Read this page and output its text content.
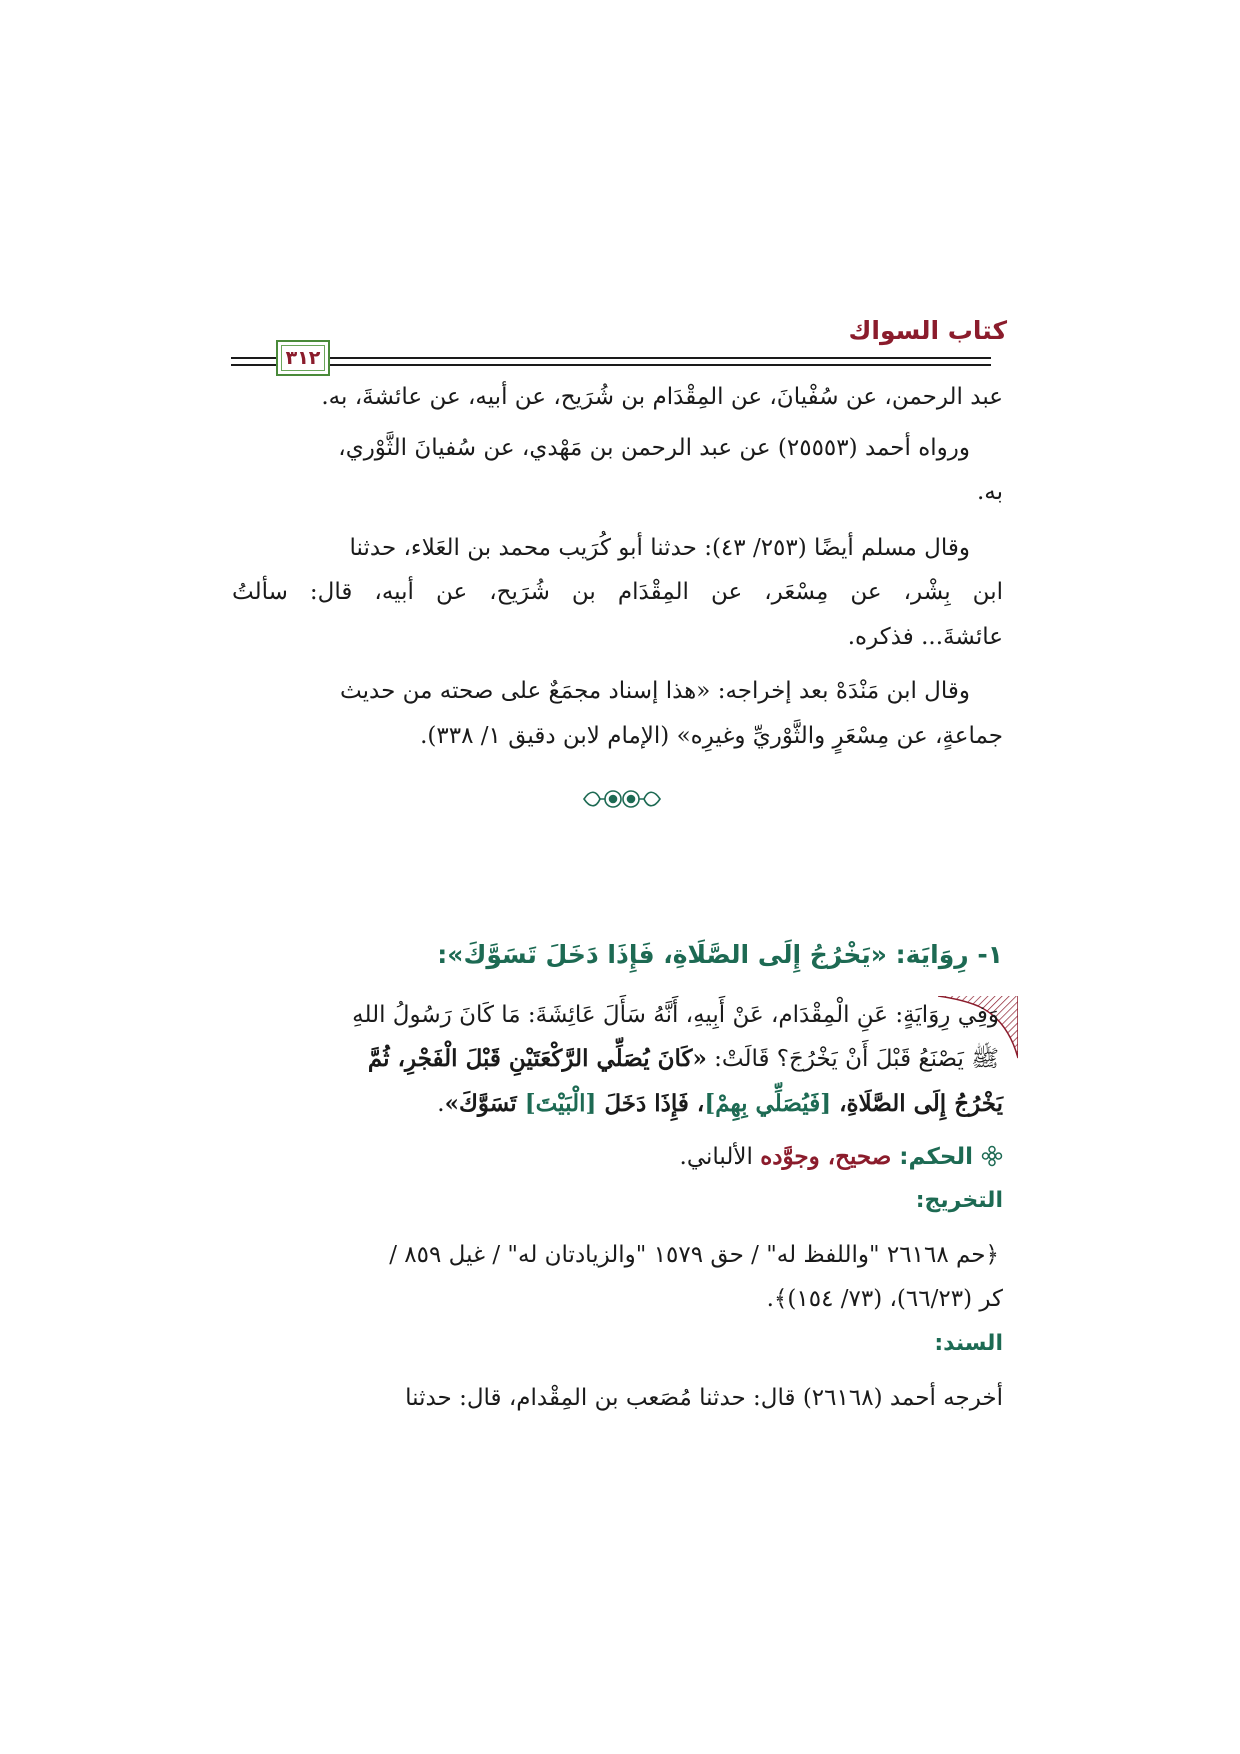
كتاب السواك
٣١٢
عبد الرحمن، عن سُفْيانَ، عن المِقْدَام بن شُرَيح، عن أبيه، عن عائشةَ، به.
ورواه أحمد (٢٥٥٥٣) عن عبد الرحمن بن مَهْدي، عن سُفيانَ الثَّوْري،
به.
وقال مسلم أيضًا (٢٥٣/ ٤٣): حدثنا أبو كُرَيب محمد بن العَلاء، حدثنا
ابن بِشْر، عن مِسْعَر، عن المِقْدَام بن شُرَيح، عن أبيه، قال: سألتُ
عائشةَ... فذكره.
وقال ابن مَنْدَهْ بعد إخراجه: «هذا إسناد مجمَعٌ على صحته من حديث
جماعةٍ، عن مِسْعَرٍ والثَّوْريِّ وغيرِه» (الإمام لابن دقيق ١/ ٣٣٨).
١- رِوَايَة: «يَخْرُجُ إِلَى الصَّلَاةِ، فَإِذَا دَخَلَ تَسَوَّكَ»:
وَفِي رِوَايَةٍ: عَنِ الْمِقْدَام، عَنْ أَبِيهِ، أَنَّهُ سَأَلَ عَائِشَةَ: مَا كَانَ رَسُولُ اللهِ
ﷺ يَصْنَعُ قَبْلَ أَنْ يَخْرُجَ؟ قَالَتْ: «كَانَ يُصَلِّي الرَّكْعَتَيْنِ قَبْلَ الْفَجْرِ، ثُمَّ
يَخْرُجُ إِلَى الصَّلَاةِ، [فَيُصَلِّي بِهِمْ]، فَإِذَا دَخَلَ [الْبَيْتَ] تَسَوَّكَ».
الحكم: صحيح، وجوَّده الألباني.
التخريج:
﴿حم ٢٦١٦٨ "واللفظ له" / حق ١٥٧٩ "والزيادتان له" / غيل ٨٥٩ /
كر (٦٦/٢٣)، (٧٣/ ١٥٤)﴾.
السند:
أخرجه أحمد (٢٦١٦٨) قال: حدثنا مُصَعب بن المِقْدام، قال: حدثنا
